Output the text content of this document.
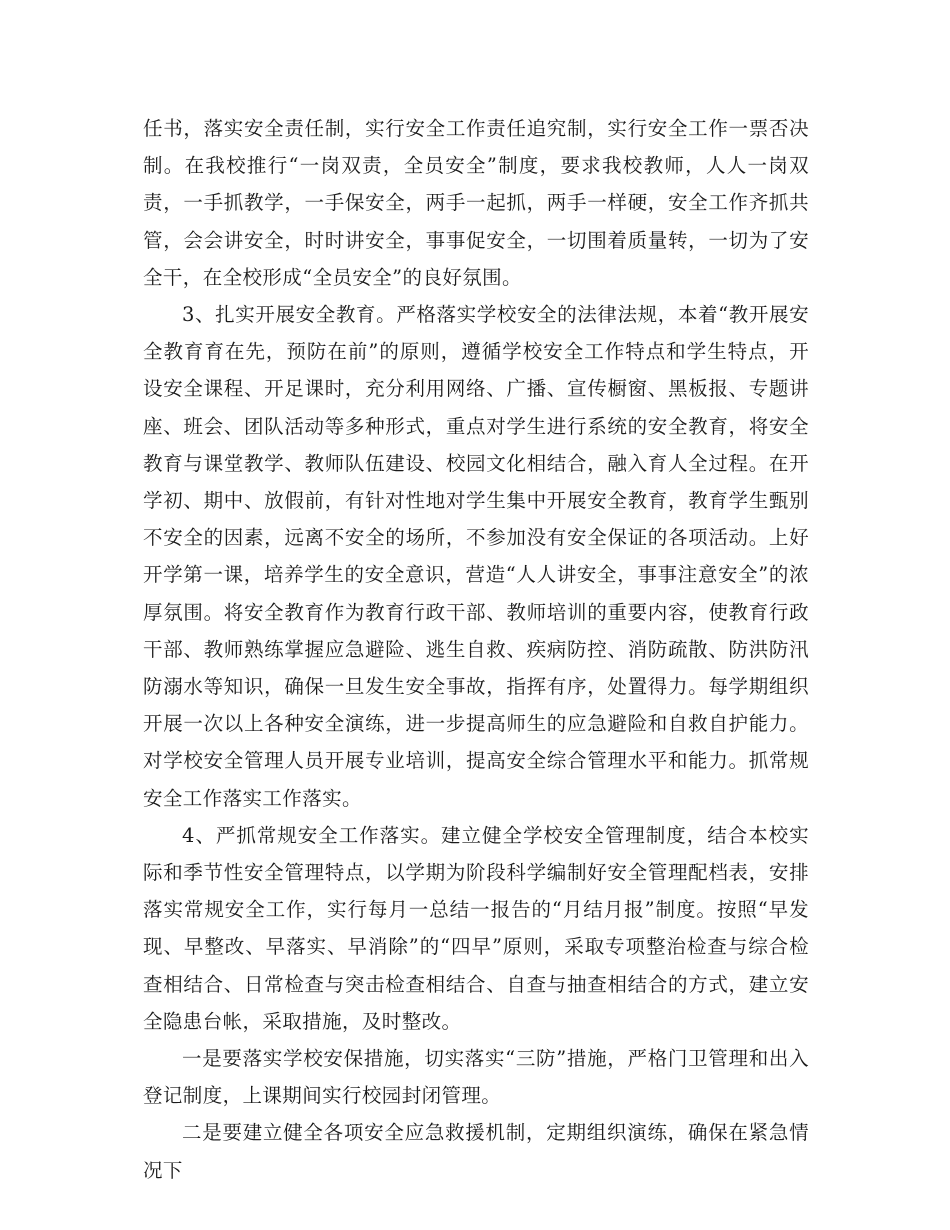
任书，落实安全责任制，实行安全工作责任追究制，实行安全工作一票否决制。在我校推行“一岗双责，全员安全”制度，要求我校教师，人人一岗双责，一手抓教学，一手保安全，两手一起抓，两手一样硬，安全工作齐抓共管，会会讲安全，时时讲安全，事事促安全，一切围着质量转，一切为了安全干，在全校形成“全员安全”的良好氛围。

3、扎实开展安全教育。严格落实学校安全的法律法规，本着“教开展安全教育育在先，预防在前”的原则，遵循学校安全工作特点和学生特点，开设安全课程、开足课时，充分利用网络、广播、宣传橱窗、黑板报、专题讲座、班会、团队活动等多种形式，重点对学生进行系统的安全教育，将安全教育与课堂教学、教师队伍建设、校园文化相结合，融入育人全过程。在开学初、期中、放假前，有针对性地对学生集中开展安全教育，教育学生甄别不安全的因素，远离不安全的场所，不参加没有安全保证的各项活动。上好开学第一课，培养学生的安全意识，营造“人人讲安全，事事注意安全”的浓厚氛围。将安全教育作为教育行政干部、教师培训的重要内容，使教育行政干部、教师熟练掌握应急避险、逃生自救、疾病防控、消防疏散、防洪防汛防溺水等知识，确保一旦发生安全事故，指挥有序，处置得力。每学期组织开展一次以上各种安全演练，进一步提高师生的应急避险和自救自护能力。对学校安全管理人员开展专业培训，提高安全综合管理水平和能力。抓常规安全工作落实工作落实。

4、严抓常规安全工作落实。建立健全学校安全管理制度，结合本校实际和季节性安全管理特点，以学期为阶段科学编制好安全管理配档表，安排落实常规安全工作，实行每月一总结一报告的“月结月报”制度。按照“早发现、早整改、早落实、早消除”的“四早”原则，采取专项整治检查与综合检查相结合、日常检查与突击检查相结合、自查与抽查相结合的方式，建立安全隐患台帐，采取措施，及时整改。

一是要落实学校安保措施，切实落实“三防”措施，严格门卫管理和出入登记制度，上课期间实行校园封闭管理。

二是要建立健全各项安全应急救援机制，定期组织演练，确保在紧急情况下
